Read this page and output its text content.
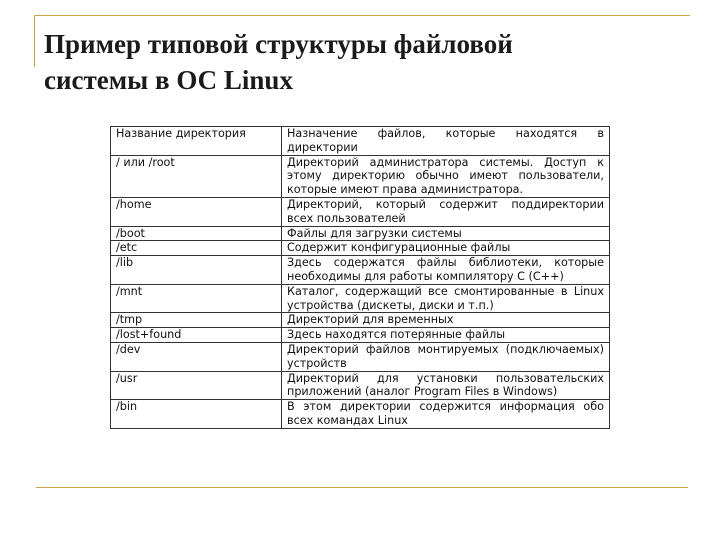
Пример типовой структуры файловой
системы в ОС Linux
Название директория	Назначение файлов, которые находятся в директории
/ или /root	Директорий администратора системы. Доступ к этому директорию обычно имеют пользователи, которые имеют права администратора.
/home	Директорий, который содержит поддиректории всех пользователей
/boot	Файлы для загрузки системы
/etc	Содержит конфигурационные файлы
/lib	Здесь содержатся файлы библиотеки, которые необходимы для работы компилятору С (С++)
/mnt	Каталог, содержащий все смонтированные в Linux устройства (дискеты, диски и т.п.)
/tmp	Директорий для временных
/lost+found	Здесь находятся потерянные файлы
/dev	Директорий файлов монтируемых (подключаемых) устройств
/usr	Директорий для установки пользовательских приложений (аналог Program Files в Windows)
/bin	В этом директории содержится информация обо всех командах Linux
